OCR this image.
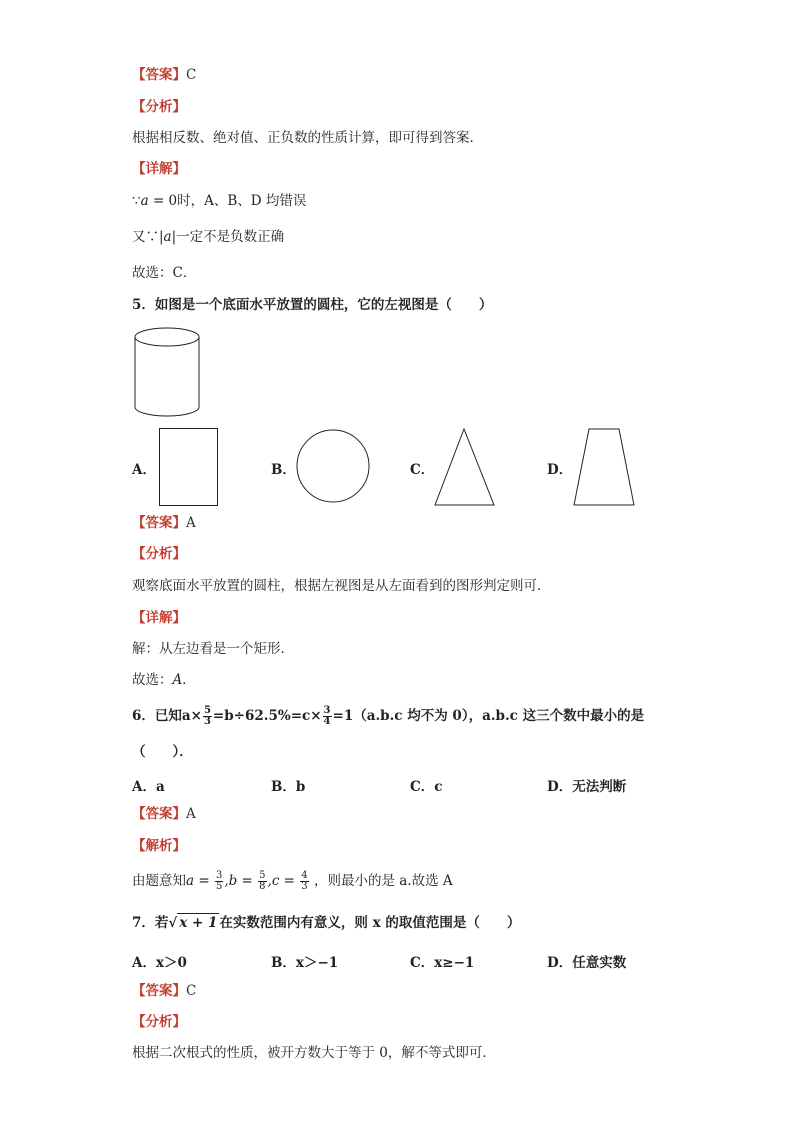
【答案】C
【分析】
根据相反数、绝对值、正负数的性质计算，即可得到答案．
【详解】
∵a = 0时，A、B、D 均错误
又∵|a|一定不是负数正确
故选：C．
5．如图是一个底面水平放置的圆柱，它的左视图是（　　）
A．	B．	C．	D．
【答案】A
【分析】
观察底面水平放置的圆柱，根据左视图是从左面看到的图形判定则可．
【详解】
解：从左边看是一个矩形．
故选：A．
6．已知$a\times \frac{5}{3} =b\div 62.5\%=c\times \frac{3}{4} =1(a.b.c$ 均不为 0），a.b.c 这三个数中最小的是
（　　）．
A．a	B．b	C．c	D．无法判断
【答案】A
【解析】
由题意知$a = \frac{3}{5} ,b = \frac{5}{8} ,c = \frac{4}{3}$ ，则最小的是 a.故选 A
7．若√ x + 1 在实数范围内有意义，则 x 的取值范围是（　　）
A．x＞0	B．x＞−1	C．x≥−1	D．任意实数
【答案】C
【分析】
根据二次根式的性质，被开方数大于等于 0，解不等式即可．
